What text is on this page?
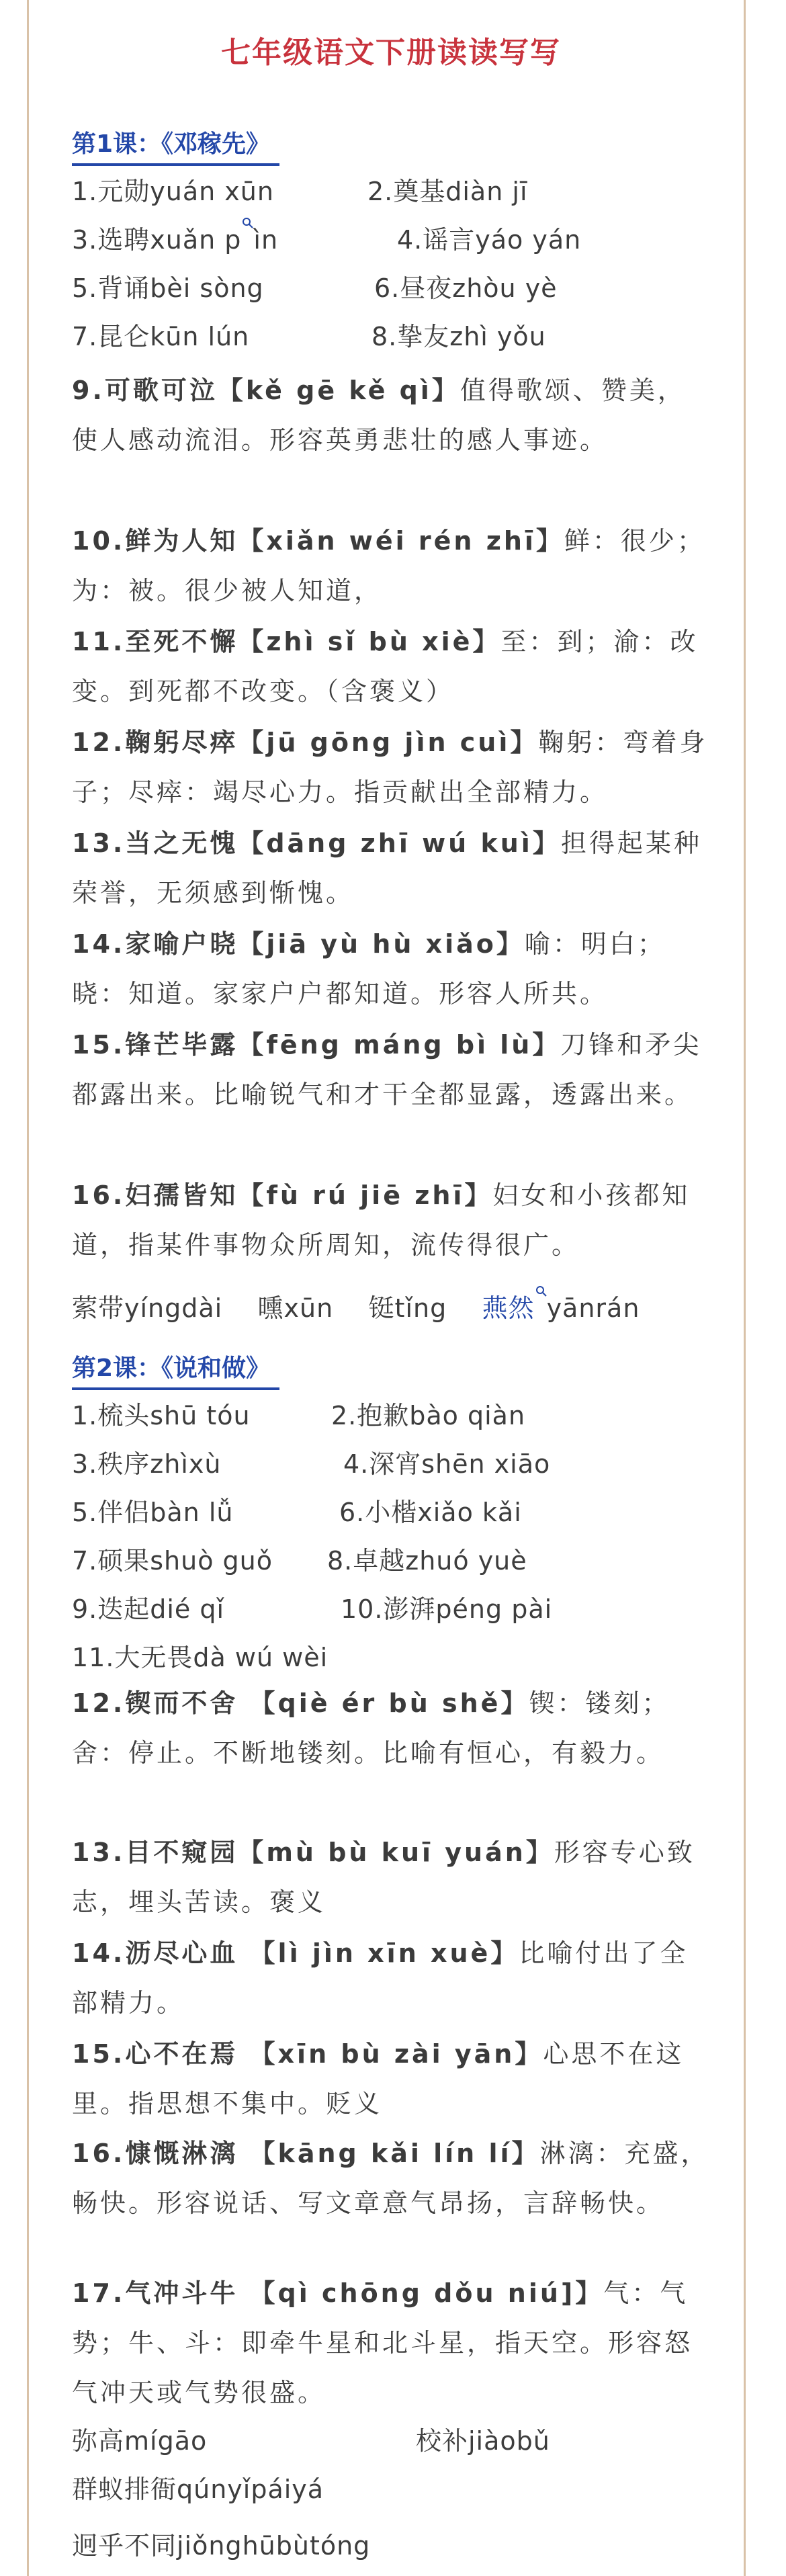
七年级语文下册读读写写
第1课：《邓稼先》
1.元勋yuán xūn	2.奠基diàn jī
3.选聘xuǎn p ìn	4.谣言yáo yán
5.背诵bèi sòng	6.昼夜zhòu yè
7.昆仑kūn lún	8.挚友zhì yǒu
9.可歌可泣【kě gē kě qì】值得歌颂、赞美，使人感动流泪。形容英勇悲壮的感人事迹。
10.鲜为人知【xiǎn wéi rén zhī】鲜：很少；为：被。很少被人知道，
11.至死不懈【zhì sǐ bù xiè】至：到；渝：改变。到死都不改变。（含褒义）
12.鞠躬尽瘁【jū gōng jìn cuì】鞠躬：弯着身子；尽瘁：竭尽心力。指贡献出全部精力。
13.当之无愧【dāng zhī wú kuì】担得起某种荣誉，无须感到惭愧。
14.家喻户晓【jiā yù hù xiǎo】喻：明白；晓：知道。家家户户都知道。形容人所共。
15.锋芒毕露【fēng máng bì lù】刀锋和矛尖都露出来。比喻锐气和才干全都显露，透露出来。
16.妇孺皆知【fù rú jiē zhī】妇女和小孩都知道，指某件事物众所周知，流传得很广。
萦带yíngdài 曛xūn 铤tǐng 燕然 yānrán
第2课：《说和做》
1.梳头shū tóu	2.抱歉bào qiàn
3.秩序zhìxù	4.深宵shēn xiāo
5.伴侣bàn lǚ	6.小楷xiǎo kǎi
7.硕果shuò guǒ 8.卓越zhuó yuè
9.迭起dié qǐ	10.澎湃péng pài
11.大无畏dà wú wèi
12.锲而不舍 【qiè ér bù shě】锲：镂刻；舍：停止。不断地镂刻。比喻有恒心，有毅力。
13.目不窥园【mù bù kuī yuán】形容专心致志，埋头苦读。褒义
14.沥尽心血 【lì jìn xīn xuè】比喻付出了全部精力。
15.心不在焉 【xīn bù zài yān】心思不在这里。指思想不集中。贬义
16.慷慨淋漓 【kāng kǎi lín lí】淋漓：充盛，畅快。形容说话、写文章意气昂扬，言辞畅快。
17.气冲斗牛 【qì chōng dǒu niú]】气：气势；牛、斗：即牵牛星和北斗星，指天空。形容怒气冲天或气势很盛。
弥高mígāo	校补jiàobǔ
群蚁排衙qúnyǐpáiyá
迥乎不同jiǒnghūbùtóng
